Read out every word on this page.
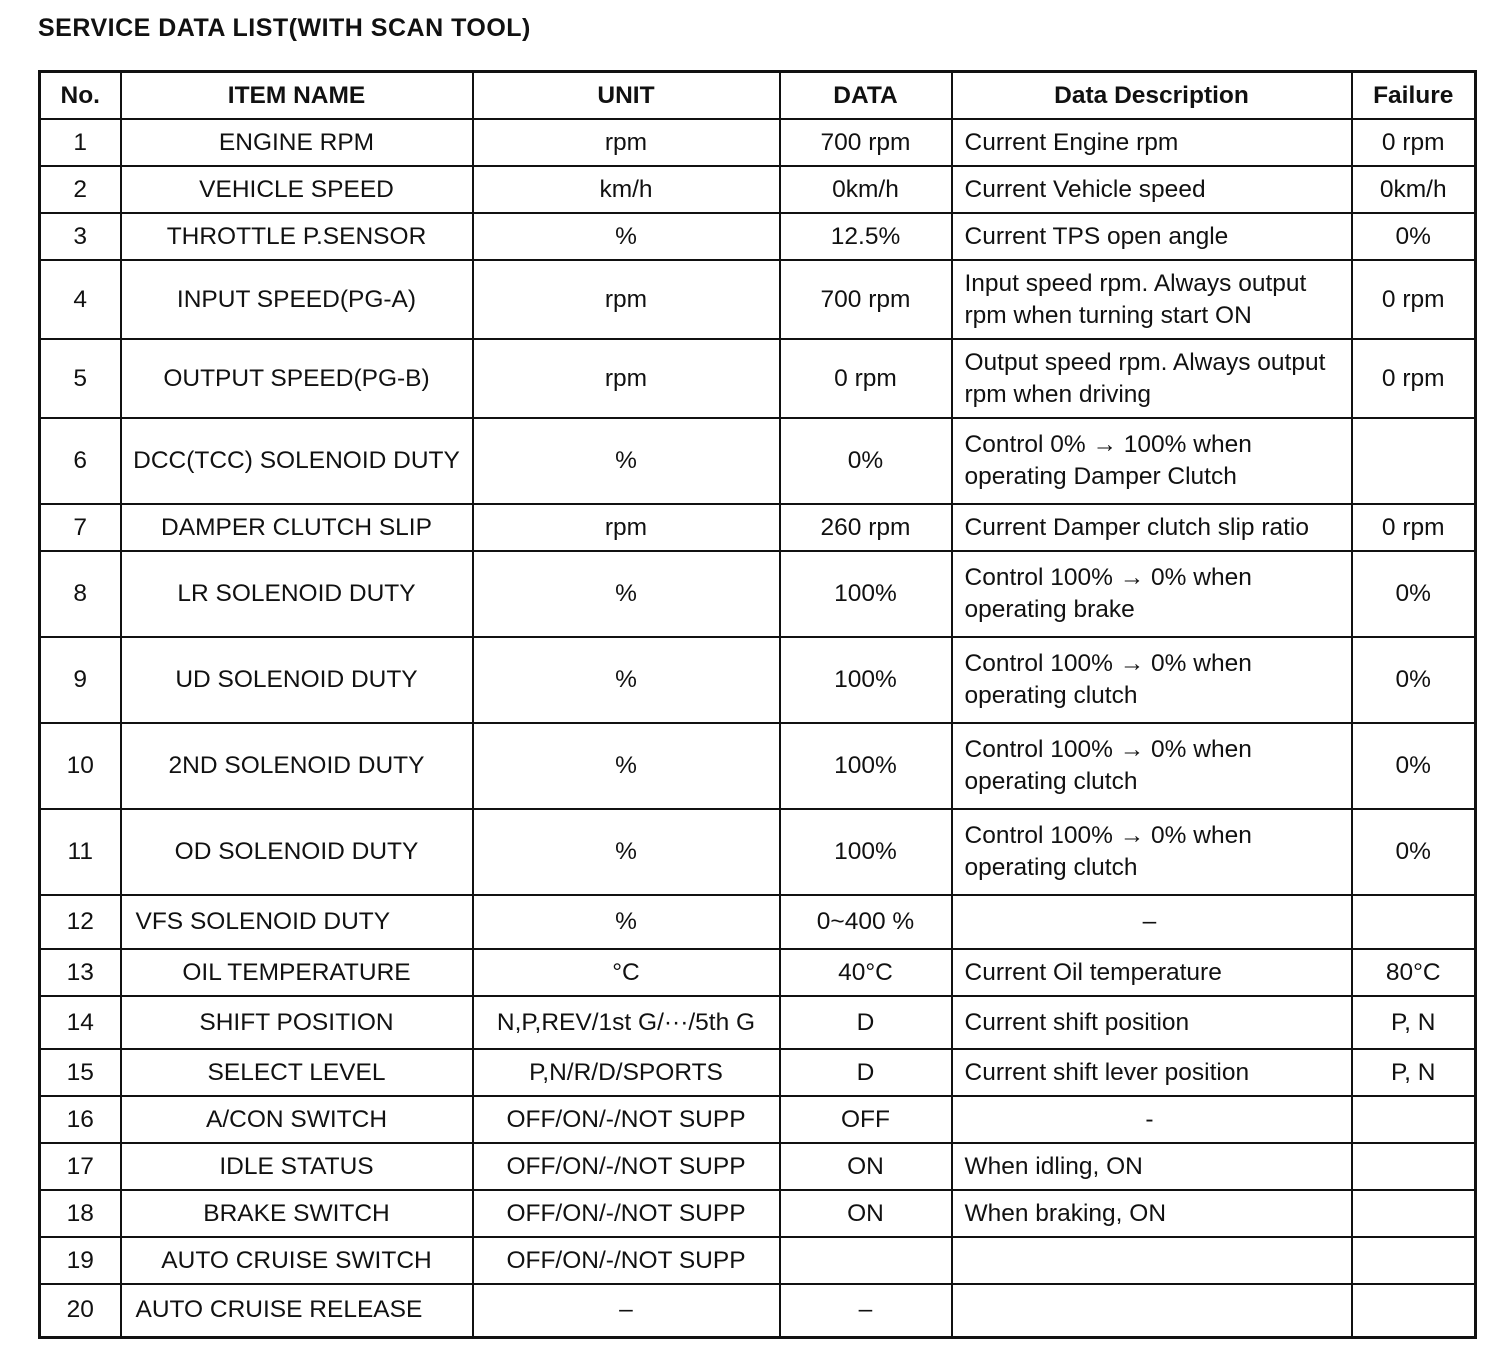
SERVICE DATA LIST(WITH SCAN TOOL)
No.	ITEM NAME	UNIT	DATA	Data Description	Failure
1	ENGINE RPM	rpm	700 rpm	Current Engine rpm	0 rpm
2	VEHICLE SPEED	km/h	0km/h	Current Vehicle speed	0km/h
3	THROTTLE P.SENSOR	%	12.5%	Current TPS open angle	0%
4	INPUT SPEED(PG-A)	rpm	700 rpm	Input speed rpm. Always output rpm when turning start ON	0 rpm
5	OUTPUT SPEED(PG-B)	rpm	0 rpm	Output speed rpm. Always output rpm when driving	0 rpm
6	DCC(TCC) SOLENOID DUTY	%	0%	Control 0% → 100% when operating Damper Clutch	
7	DAMPER CLUTCH SLIP	rpm	260 rpm	Current Damper clutch slip ratio	0 rpm
8	LR SOLENOID DUTY	%	100%	Control 100% → 0% when operating brake	0%
9	UD SOLENOID DUTY	%	100%	Control 100% → 0% when operating clutch	0%
10	2ND SOLENOID DUTY	%	100%	Control 100% → 0% when operating clutch	0%
11	OD SOLENOID DUTY	%	100%	Control 100% → 0% when operating clutch	0%
12	VFS SOLENOID DUTY	%	0~400 %	–	
13	OIL TEMPERATURE	°C	40°C	Current Oil temperature	80°C
14	SHIFT POSITION	N,P,REV/1st G/···/5th G	D	Current shift position	P, N
15	SELECT LEVEL	P,N/R/D/SPORTS	D	Current shift lever position	P, N
16	A/CON SWITCH	OFF/ON/-/NOT SUPP	OFF	-	
17	IDLE STATUS	OFF/ON/-/NOT SUPP	ON	When idling, ON	
18	BRAKE SWITCH	OFF/ON/-/NOT SUPP	ON	When braking, ON	
19	AUTO CRUISE SWITCH	OFF/ON/-/NOT SUPP			
20	AUTO CRUISE RELEASE	–	–		
